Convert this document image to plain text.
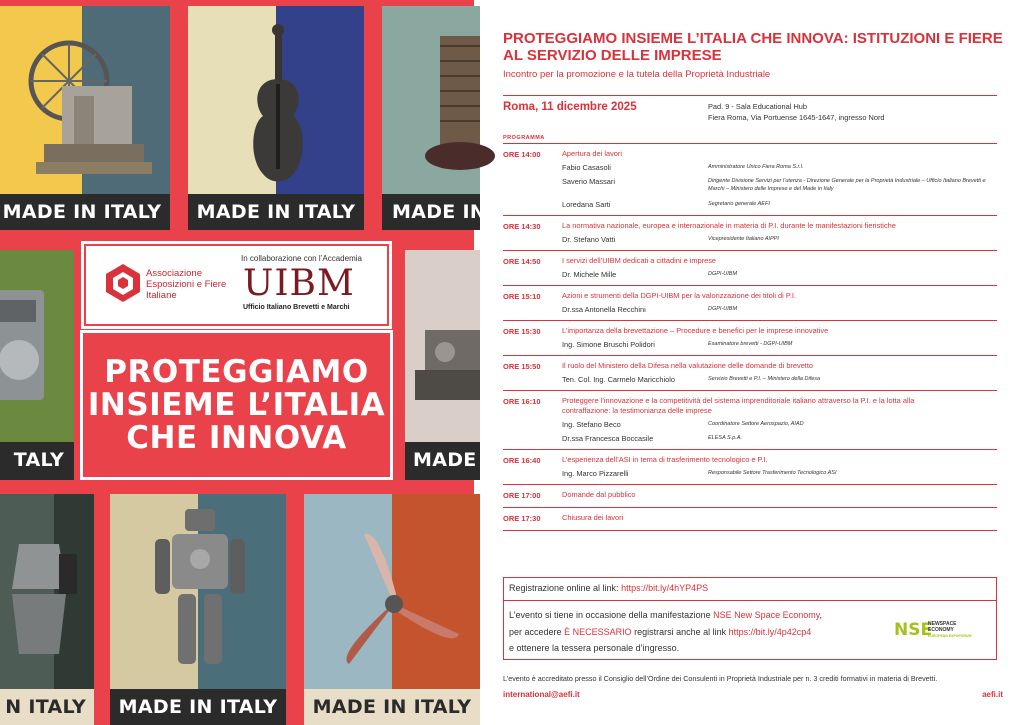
MADE IN ITALY	MADE IN ITALY	MADE IN
TALY	MADE
N ITALY	MADE IN ITALY	MADE IN ITALY
Associazione
Esposizioni e Fiere
Italiane
In collaborazione con l’Accademia
UIBM
Ufficio Italiano Brevetti e Marchi
PROTEGGIAMO
INSIEME L’ITALIA
CHE INNOVA
PROTEGGIAMO INSIEME L’ITALIA CHE INNOVA: ISTITUZIONI E FIERE AL SERVIZIO DELLE IMPRESE
Incontro per la promozione e la tutela della Proprietà Industriale
Roma, 11 dicembre 2025	Pad. 9 - Sala Educational Hub
Fiera Roma, Via Portuense 1645-1647, ingresso Nord
PROGRAMMA
ORE 14:00	Apertura dei lavori
Fabio Casasoli	Amministratore Unico Fiera Roma S.r.l.
Saverio Massari	Dirigente Divisione Servizi per l’utenza - Direzione Generale per la Proprietà Industriale – Ufficio Italiano Brevetti e Marchi – Ministero delle Imprese e del Made in Italy
Loredana Sarti	Segretario generale AEFI
ORE 14:30	La normativa nazionale, europea e internazionale in materia di P.I. durante le manifestazioni fieristiche
Dr. Stefano Vatti	Vicepresidente Italiano AIPPI
ORE 14:50	I servizi dell’UIBM dedicati a cittadini e imprese
Dr. Michele Mille	DGPI-UIBM
ORE 15:10	Azioni e strumenti della DGPI-UIBM per la valorizzazione dei titoli di P.I.
Dr.ssa Antonella Recchini	DGPI-UIBM
ORE 15:30	L’importanza della brevettazione – Procedure e benefici per le imprese innovative
Ing. Simone Bruschi Polidori	Esaminatore brevetti - DGPI-UIBM
ORE 15:50	Il ruolo del Ministero della Difesa nella valutazione delle domande di brevetto
Ten. Col. Ing. Carmelo Maricchiolo	Servizio Brevetti e P.I. – Ministero della Difesa
ORE 16:10	Proteggere l’innovazione e la competitività del sistema imprenditoriale italiano attraverso la P.I. e la lotta alla contraffazione: la testimonianza delle imprese
Ing. Stefano Beco	Coordinatore Settore Aerospazio, AIAD
Dr.ssa Francesca Boccasile	ELESA S.p.A.
ORE 16:40	L’esperienza dell’ASI in tema di trasferimento tecnologico e P.I.
Ing. Marco Pizzarelli	Responsabile Settore Trasferimento Tecnologico ASI
ORE 17:00	Domande dal pubblico
ORE 17:30	Chiusura dei lavori
Registrazione online al link: https://bit.ly/4hYP4PS
L’evento si tiene in occasione della manifestazione NSE New Space Economy,
per accedere È NECESSARIO registrarsi anche al link https://bit.ly/4p42cp4
e ottenere la tessera personale d’ingresso.
NSE
NEWSPACE
ECONOMY
EUROPEAN EXPOFORUM
L’evento è accreditato presso il Consiglio dell’Ordine dei Consulenti in Proprietà Industriale per n. 3 crediti formativi in materia di Brevetti.
international@aefi.it	aefi.it
